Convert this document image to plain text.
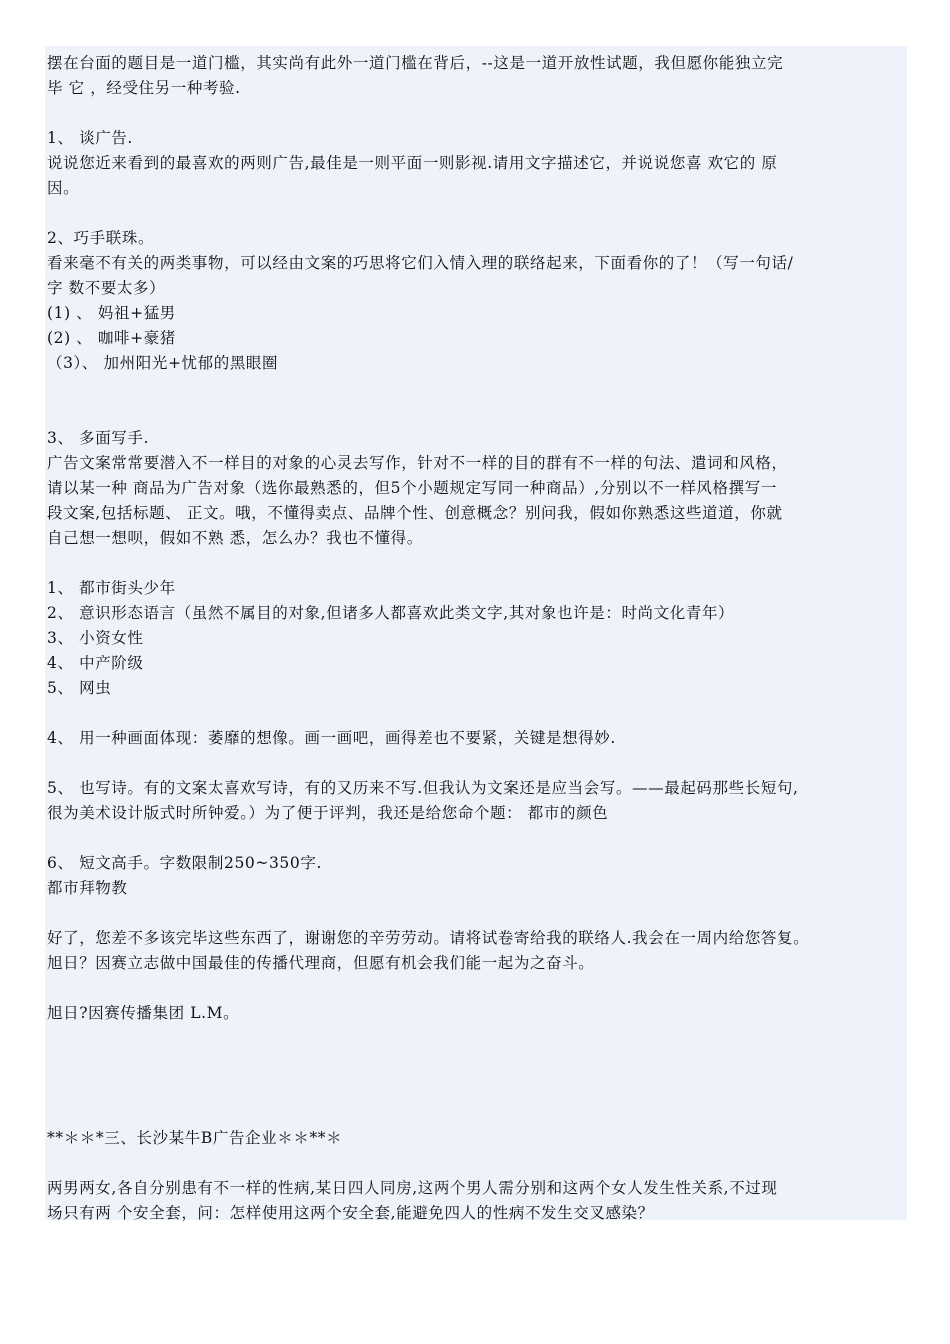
摆在台面的题目是一道门槛，其实尚有此外一道门槛在背后，--这是一道开放性试题，我但愿你能独立完
毕 它 ，经受住另一种考验.
1、 谈广告.
说说您近来看到的最喜欢的两则广告,最佳是一则平面一则影视.请用文字描述它，并说说您喜 欢它的 原
因。
2、巧手联珠。
看来毫不有关的两类事物，可以经由文案的巧思将它们入情入理的联络起来，下面看你的了！（写一句话/
字 数不要太多）
(1) 、 妈祖+猛男
(2) 、 咖啡+豪猪
（3）、 加州阳光+忧郁的黑眼圈
3、 多面写手.
广告文案常常要潜入不一样目的对象的心灵去写作，针对不一样的目的群有不一样的句法、遣词和风格，
请以某一种 商品为广告对象（选你最熟悉的，但5个小题规定写同一种商品）,分别以不一样风格撰写一
段文案,包括标题、 正文。哦，不懂得卖点、品牌个性、创意概念？别问我，假如你熟悉这些道道，你就
自己想一想呗，假如不熟 悉，怎么办？我也不懂得。
1、 都市街头少年
2、 意识形态语言（虽然不属目的对象,但诸多人都喜欢此类文字,其对象也许是：时尚文化青年）
3、 小资女性
4、 中产阶级
5、 网虫
4、 用一种画面体现：萎靡的想像。画一画吧，画得差也不要紧，关键是想得妙.
5、 也写诗。有的文案太喜欢写诗，有的又历来不写.但我认为文案还是应当会写。——最起码那些长短句,
很为美术设计版式时所钟爱。）为了便于评判，我还是给您命个题： 都市的颜色
6、 短文高手。字数限制250~350字.
都市拜物教
好了，您差不多该完毕这些东西了，谢谢您的辛劳劳动。请将试卷寄给我的联络人.我会在一周内给您答复。
旭日？因赛立志做中国最佳的传播代理商，但愿有机会我们能一起为之奋斗。
旭日?因赛传播集团 L.M。
**＊＊*三、长沙某牛B广告企业＊＊**＊
两男两女,各自分别患有不一样的性病,某日四人同房,这两个男人需分别和这两个女人发生性关系,不过现
场只有两 个安全套，问：怎样使用这两个安全套,能避免四人的性病不发生交叉感染？
